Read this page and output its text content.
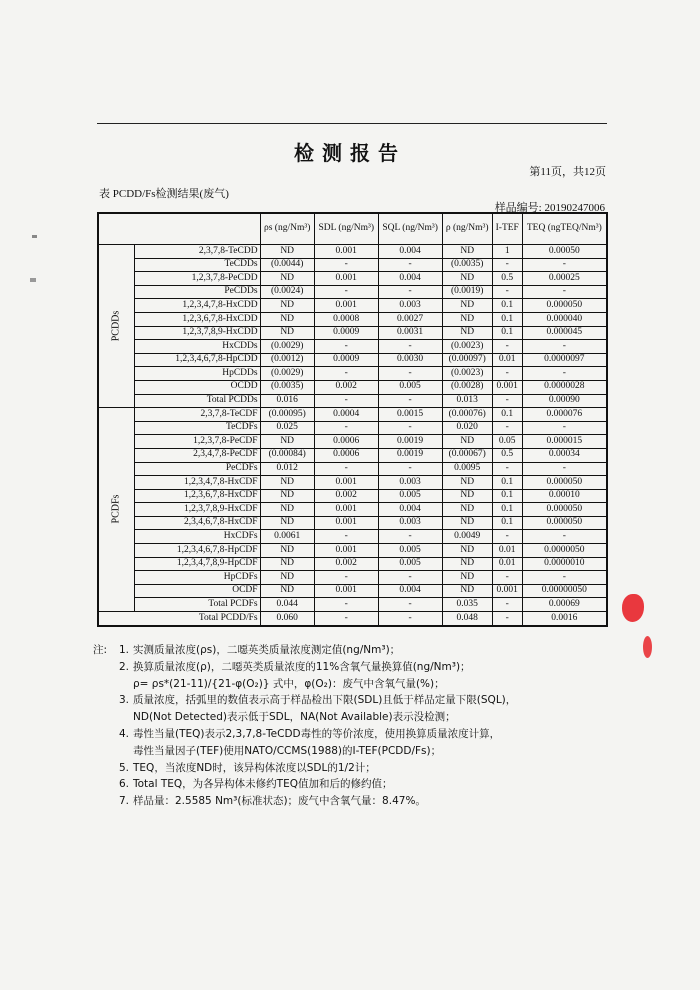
检测报告
第11页，共12页
表 PCDD/Fs检测结果(废气)
样品编号: 20190247006
		ρs (ng/Nm³)	SDL (ng/Nm³)	SQL (ng/Nm³)	ρ (ng/Nm³)	I-TEF	TEQ (ngTEQ/Nm³)
PCDDs	2,3,7,8-TeCDD	ND	0.001	0.004	ND	1	0.00050
	TeCDDs	(0.0044)	-	-	(0.0035)	-	-
	1,2,3,7,8-PeCDD	ND	0.001	0.004	ND	0.5	0.00025
	PeCDDs	(0.0024)	-	-	(0.0019)	-	-
	1,2,3,4,7,8-HxCDD	ND	0.001	0.003	ND	0.1	0.000050
	1,2,3,6,7,8-HxCDD	ND	0.0008	0.0027	ND	0.1	0.000040
	1,2,3,7,8,9-HxCDD	ND	0.0009	0.0031	ND	0.1	0.000045
	HxCDDs	(0.0029)	-	-	(0.0023)	-	-
	1,2,3,4,6,7,8-HpCDD	(0.0012)	0.0009	0.0030	(0.00097)	0.01	0.0000097
	HpCDDs	(0.0029)	-	-	(0.0023)	-	-
	OCDD	(0.0035)	0.002	0.005	(0.0028)	0.001	0.0000028
	Total PCDDs	0.016	-	-	0.013	-	0.00090
PCDFs	2,3,7,8-TeCDF	(0.00095)	0.0004	0.0015	(0.00076)	0.1	0.000076
	TeCDFs	0.025	-	-	0.020	-	-
	1,2,3,7,8-PeCDF	ND	0.0006	0.0019	ND	0.05	0.000015
	2,3,4,7,8-PeCDF	(0.00084)	0.0006	0.0019	(0.00067)	0.5	0.00034
	PeCDFs	0.012	-	-	0.0095	-	-
	1,2,3,4,7,8-HxCDF	ND	0.001	0.003	ND	0.1	0.000050
	1,2,3,6,7,8-HxCDF	ND	0.002	0.005	ND	0.1	0.00010
	1,2,3,7,8,9-HxCDF	ND	0.001	0.004	ND	0.1	0.000050
	2,3,4,6,7,8-HxCDF	ND	0.001	0.003	ND	0.1	0.000050
	HxCDFs	0.0061	-	-	0.0049	-	-
	1,2,3,4,6,7,8-HpCDF	ND	0.001	0.005	ND	0.01	0.0000050
	1,2,3,4,7,8,9-HpCDF	ND	0.002	0.005	ND	0.01	0.0000010
	HpCDFs	ND	-	-	ND	-	-
	OCDF	ND	0.001	0.004	ND	0.001	0.00000050
	Total PCDFs	0.044	-	-	0.035	-	0.00069
Total PCDD/Fs		0.060	-	-	0.048	-	0.0016
注: 1. 实测质量浓度(ρs)，二噁英类质量浓度测定值(ng/Nm³)；
2. 换算质量浓度(ρ)，二噁英类质量浓度的11%含氧气量换算值(ng/Nm³)；
ρ= ρs*(21-11)/{21-φ(O₂)} 式中，φ(O₂)：废气中含氧气量(%)；
3. 质量浓度，括弧里的数值表示高于样品检出下限(SDL)且低于样品定量下限(SQL)，
ND(Not Detected)表示低于SDL，NA(Not Available)表示没检测；
4. 毒性当量(TEQ)表示2,3,7,8-TeCDD毒性的等价浓度，使用换算质量浓度计算，
毒性当量因子(TEF)使用NATO/CCMS(1988)的I-TEF(PCDD/Fs)；
5. TEQ，当浓度ND时，该异构体浓度以SDL的1/2计；
6. Total TEQ，为各异构体未修约TEQ值加和后的修约值；
7. 样品量：2.5585 Nm³(标准状态)；废气中含氧气量：8.47%。
